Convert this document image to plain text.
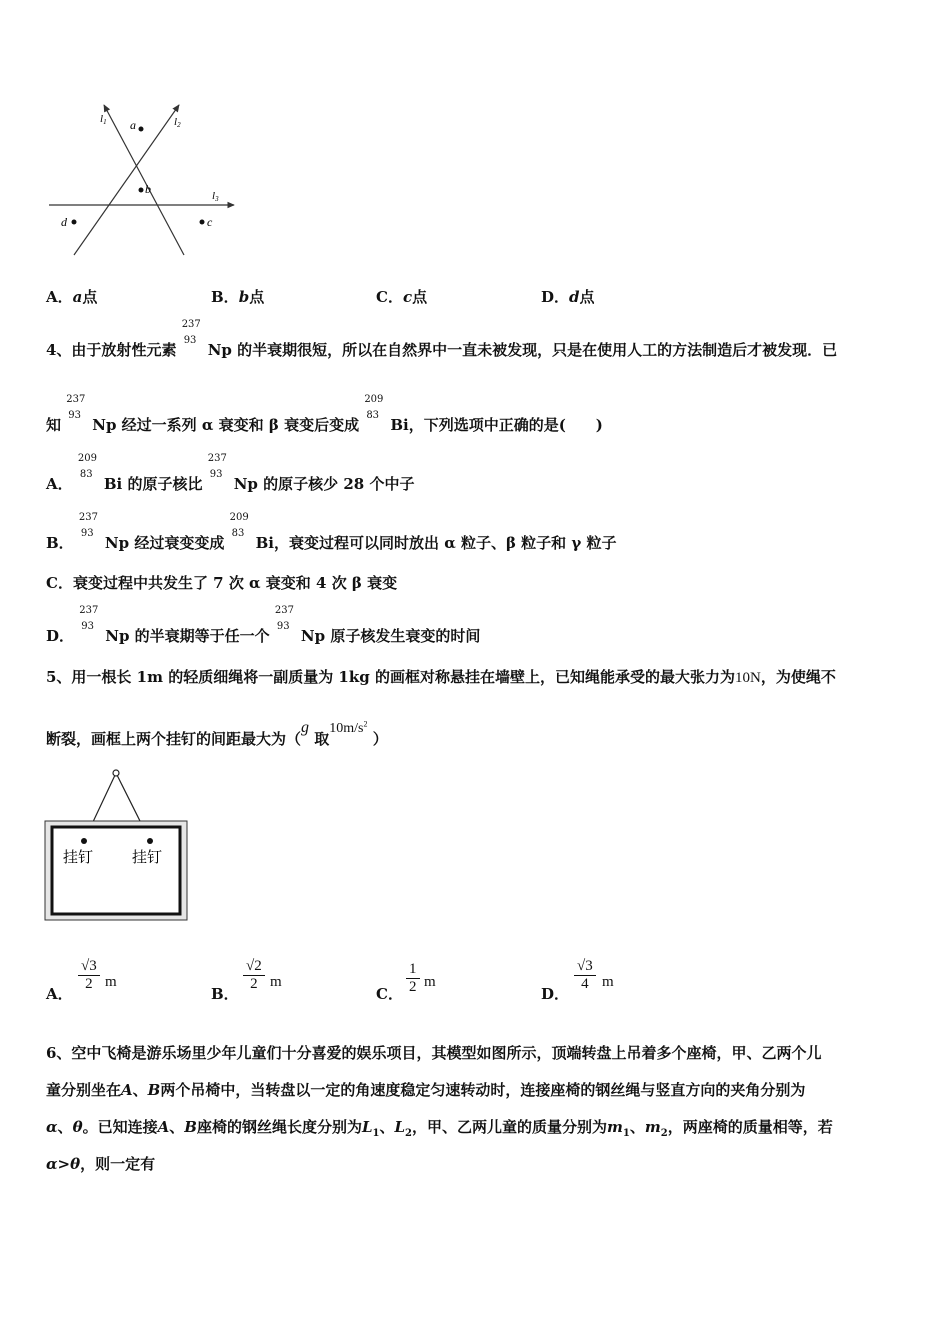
l1	l2
l3
a
b
c
d
A．a点	B．b点	C．c点	D．d点
4、由于放射性元素
237
93
Np 的半衰期很短，所以在自然界中一直未被发现，只是在使用人工的方法制造后才被发现．已
知
237
93
Np 经过一系列 α 衰变和 β 衰变后变成
209
83
Bi，下列选项中正确的是(　　)
A．
209
83
Bi 的原子核比
237
93
Np 的原子核少 28 个中子
B．
237
93
Np 经过衰变变成
209
83
Bi，衰变过程可以同时放出 α 粒子、β 粒子和 γ 粒子
C．衰变过程中共发生了 7 次 α 衰变和 4 次 β 衰变
D．
237
93
Np 的半衰期等于任一个
237
93
Np 原子核发生衰变的时间
5、用一根长 1m 的轻质细绳将一副质量为 1kg 的画框对称悬挂在墙壁上，已知绳能承受的最大张力为10N，为使绳不
断裂，画框上两个挂钉的间距最大为（g 取$10m/s^2$ ）
挂钉	挂钉
A．
$\frac{√3}{2}$ m
B．
$\frac{√2}{2}$ m
C． $\frac{1}{2}$ m
D．
$\frac{√3}{4}$ m
6、空中飞椅是游乐场里少年儿童们十分喜爱的娱乐项目，其模型如图所示，顶端转盘上吊着多个座椅，甲、乙两个儿
童分别坐在A、B两个吊椅中，当转盘以一定的角速度稳定匀速转动时，连接座椅的钢丝绳与竖直方向的夹角分别为
α、θ。已知连接A、B座椅的钢丝绳长度分别为$L_1$、$L_2$，甲、乙两儿童的质量分别为$m_1$、$m_2$，两座椅的质量相等，若
α>θ，则一定有
